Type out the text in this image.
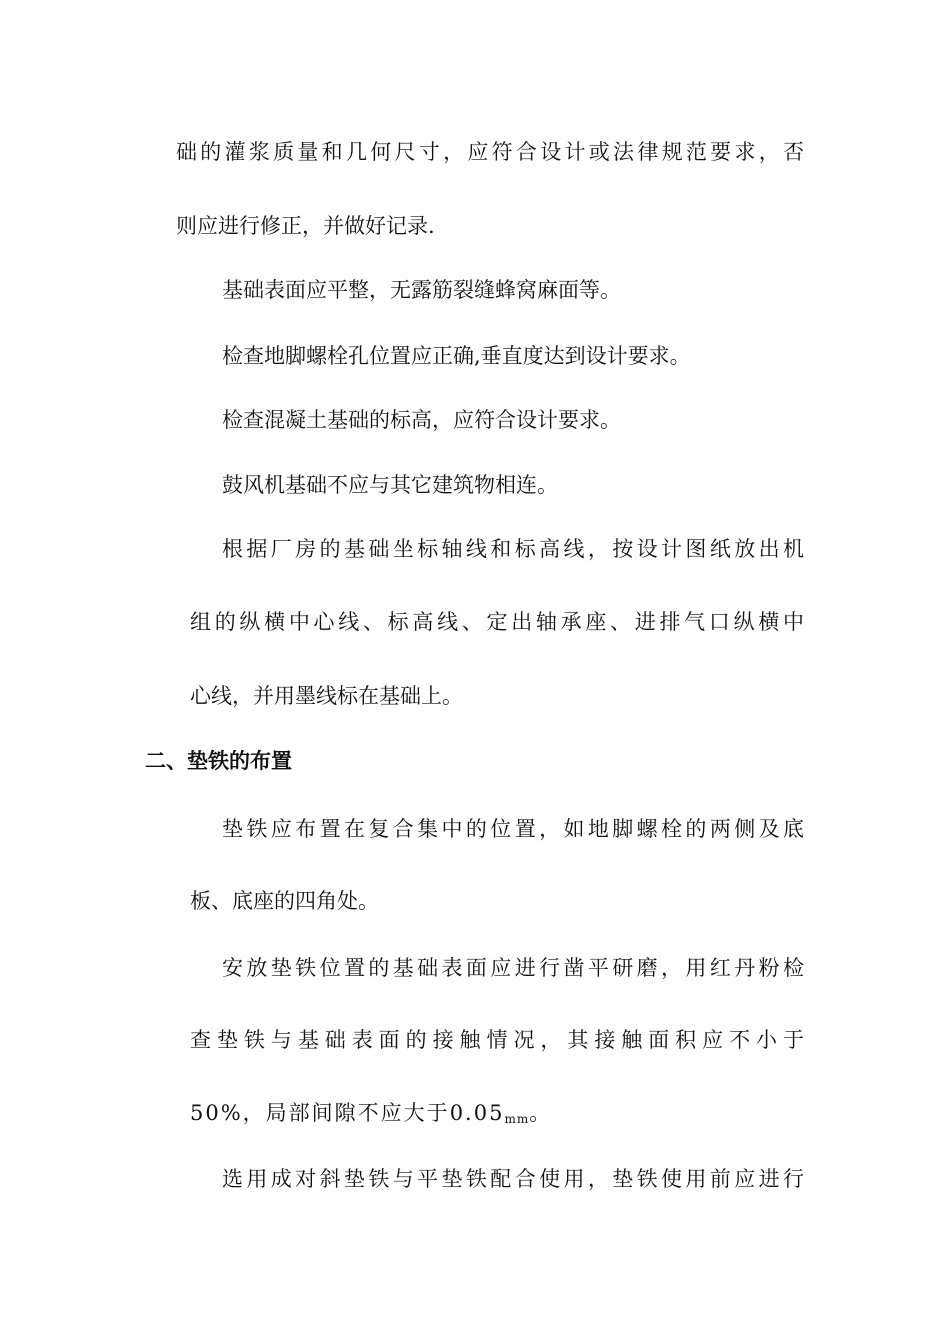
础的灌浆质量和几何尺寸，应符合设计或法律规范要求，否
则应进行修正，并做好记录.
基础表面应平整，无露筋裂缝蜂窝麻面等。
检查地脚螺栓孔位置应正确,垂直度达到设计要求。
检查混凝土基础的标高，应符合设计要求。
鼓风机基础不应与其它建筑物相连。
根据厂房的基础坐标轴线和标高线，按设计图纸放出机
组的纵横中心线、标高线、定出轴承座、进排气口纵横中
心线，并用墨线标在基础上。
二、垫铁的布置
垫铁应布置在复合集中的位置，如地脚螺栓的两侧及底
板、底座的四角处。
安放垫铁位置的基础表面应进行凿平研磨，用红丹粉检
查垫铁与基础表面的接触情况，其接触面积应不小于
50%，局部间隙不应大于$0.05_{mm}$。
选用成对斜垫铁与平垫铁配合使用，垫铁使用前应进行
